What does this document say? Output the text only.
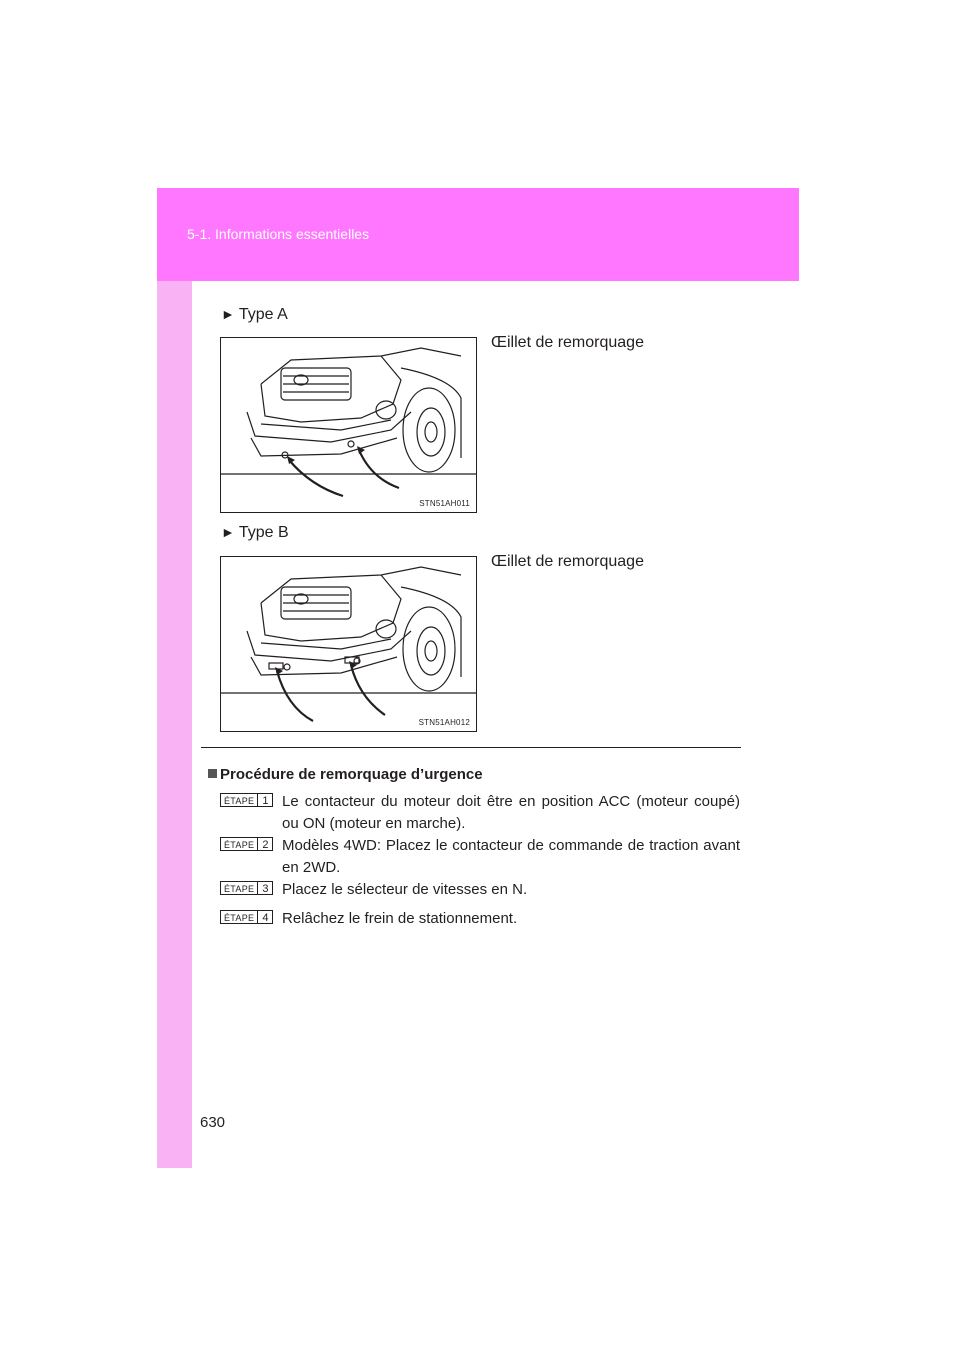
5-1. Informations essentielles
► Type A
Œillet de remorquage
STN51AH011
► Type B
Œillet de remorquage
STN51AH012
Procédure de remorquage d’urgence
ÉTAPE 1 Le contacteur du moteur doit être en position ACC (moteur coupé) ou ON (moteur en marche).
ÉTAPE 2 Modèles 4WD: Placez le contacteur de commande de traction avant en 2WD.
ÉTAPE 3 Placez le sélecteur de vitesses en N.
ÉTAPE 4 Relâchez le frein de stationnement.
630
